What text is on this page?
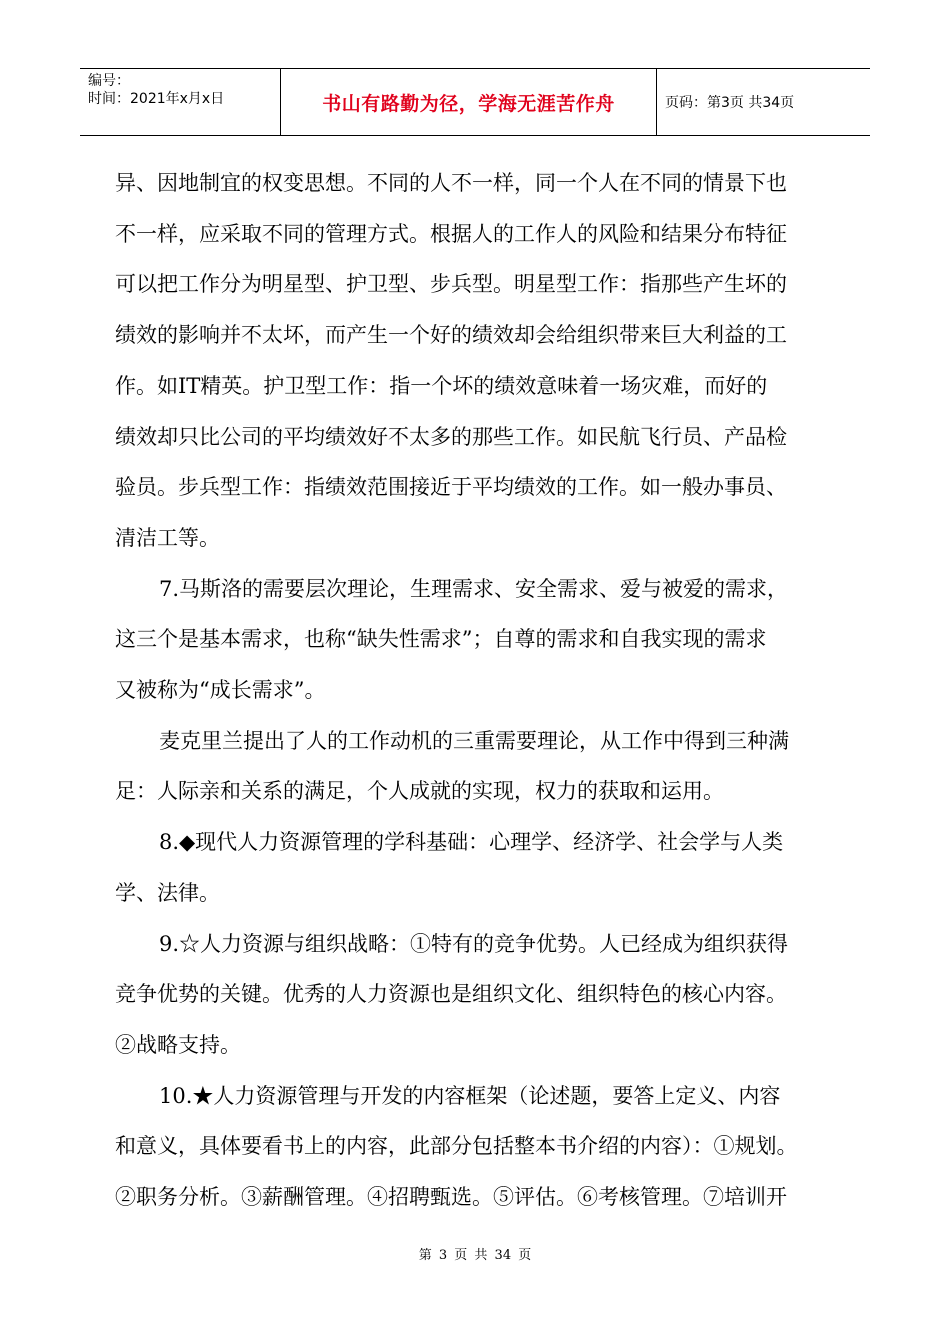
编号：
时间：2021年x月x日	书山有路勤为径，学海无涯苦作舟	页码：第3页 共34页

异、因地制宜的权变思想。不同的人不一样，同一个人在不同的情景下也

不一样，应采取不同的管理方式。根据人的工作人的风险和结果分布特征

可以把工作分为明星型、护卫型、步兵型。明星型工作：指那些产生坏的

绩效的影响并不太坏，而产生一个好的绩效却会给组织带来巨大利益的工

作。如IT精英。护卫型工作：指一个坏的绩效意味着一场灾难，而好的

绩效却只比公司的平均绩效好不太多的那些工作。如民航飞行员、产品检

验员。步兵型工作：指绩效范围接近于平均绩效的工作。如一般办事员、

清洁工等。

7.马斯洛的需要层次理论，生理需求、安全需求、爱与被爱的需求，

这三个是基本需求，也称“缺失性需求”；自尊的需求和自我实现的需求

又被称为“成长需求”。

麦克里兰提出了人的工作动机的三重需要理论，从工作中得到三种满

足：人际亲和关系的满足，个人成就的实现，权力的获取和运用。

8.◆现代人力资源管理的学科基础：心理学、经济学、社会学与人类

学、法律。

9.☆人力资源与组织战略：①特有的竞争优势。人已经成为组织获得

竞争优势的关键。优秀的人力资源也是组织文化、组织特色的核心内容。

②战略支持。

10.★人力资源管理与开发的内容框架（论述题，要答上定义、内容

和意义，具体要看书上的内容，此部分包括整本书介绍的内容）：①规划。

②职务分析。③薪酬管理。④招聘甄选。⑤评估。⑥考核管理。⑦培训开

第 3 页 共 34 页
